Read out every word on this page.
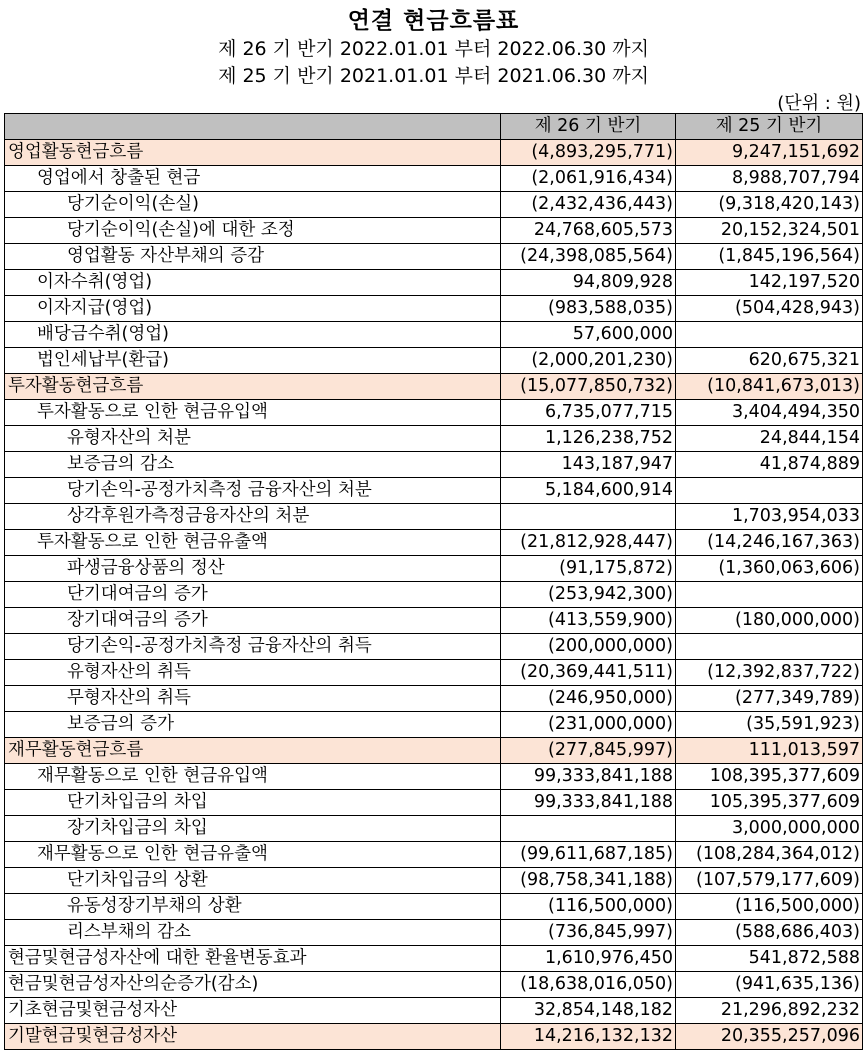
연결 현금흐름표
제 26 기 반기 2022.01.01 부터 2022.06.30 까지
제 25 기 반기 2021.01.01 부터 2021.06.30 까지
(단위 : 원)
	제 26 기 반기	제 25 기 반기
영업활동현금흐름	(4,893,295,771)	9,247,151,692
영업에서 창출된 현금	(2,061,916,434)	8,988,707,794
당기순이익(손실)	(2,432,436,443)	(9,318,420,143)
당기순이익(손실)에 대한 조정	24,768,605,573	20,152,324,501
영업활동 자산부채의 증감	(24,398,085,564)	(1,845,196,564)
이자수취(영업)	94,809,928	142,197,520
이자지급(영업)	(983,588,035)	(504,428,943)
배당금수취(영업)	57,600,000	
법인세납부(환급)	(2,000,201,230)	620,675,321
투자활동현금흐름	(15,077,850,732)	(10,841,673,013)
투자활동으로 인한 현금유입액	6,735,077,715	3,404,494,350
유형자산의 처분	1,126,238,752	24,844,154
보증금의 감소	143,187,947	41,874,889
당기손익-공정가치측정 금융자산의 처분	5,184,600,914	
상각후원가측정금융자산의 처분		1,703,954,033
투자활동으로 인한 현금유출액	(21,812,928,447)	(14,246,167,363)
파생금융상품의 정산	(91,175,872)	(1,360,063,606)
단기대여금의 증가	(253,942,300)	
장기대여금의 증가	(413,559,900)	(180,000,000)
당기손익-공정가치측정 금융자산의 취득	(200,000,000)	
유형자산의 취득	(20,369,441,511)	(12,392,837,722)
무형자산의 취득	(246,950,000)	(277,349,789)
보증금의 증가	(231,000,000)	(35,591,923)
재무활동현금흐름	(277,845,997)	111,013,597
재무활동으로 인한 현금유입액	99,333,841,188	108,395,377,609
단기차입금의 차입	99,333,841,188	105,395,377,609
장기차입금의 차입		3,000,000,000
재무활동으로 인한 현금유출액	(99,611,687,185)	(108,284,364,012)
단기차입금의 상환	(98,758,341,188)	(107,579,177,609)
유동성장기부채의 상환	(116,500,000)	(116,500,000)
리스부채의 감소	(736,845,997)	(588,686,403)
현금및현금성자산에 대한 환율변동효과	1,610,976,450	541,872,588
현금및현금성자산의순증가(감소)	(18,638,016,050)	(941,635,136)
기초현금및현금성자산	32,854,148,182	21,296,892,232
기말현금및현금성자산	14,216,132,132	20,355,257,096
